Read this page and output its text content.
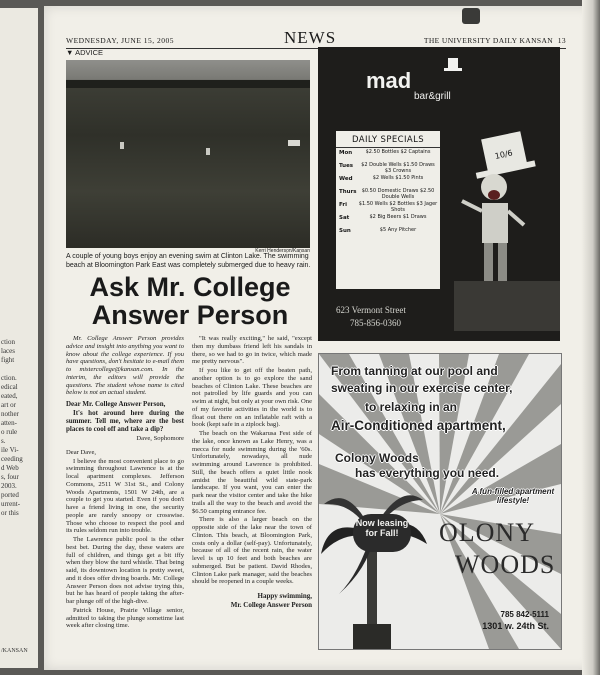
ction
laces
fight

ction.
edical
eated,
art or
nother
atten-
o rule
s.
ile Vi-
ceeding
d Web
s, four
2003.
ported
urrent-
or this
/KANSAN
WEDNESDAY, JUNE 15, 2005	NEWS	THE UNIVERSITY DAILY KANSAN 13
▼ ADVICE
Kerri Henderson/Kansan
A couple of young boys enjoy an evening swim at Clinton Lake. The swimming beach at Bloomington Park East was completely submerged due to heavy rain.
Ask Mr. College
Answer Person

Mr. College Answer Person provides advice and insight into anything you want to know about the college experience. If you have questions, don't hesitate to e-mail them to mistercollege@kansan.com. In the interim, the editors will provide the questions. The student whose name is cited below is not an actual student.

Dear Mr. College Answer Person,

It's hot around here during the summer. Tell me, where are the best places to cool off and take a dip?

Dave, Sophomore

Dear Dave,

I believe the most convenient place to go swimming throughout Lawrence is at the local apartment complexes. Jefferson Commons, 2511 W 31st St., and Colony Woods Apartments, 1501 W 24th, are a couple to get you started. Even if you don't have a friend living in one, the security people are rarely snoopy or crosswise. Those who choose to respect the pool and its rules seldom run into trouble.

The Lawrence public pool is the other best bet. During the day, these waters are full of children, and things get a bit iffy when they blow the turd whistle. That being said, its downtown location is pretty sweet, and it does offer diving boards. Mr. College Answer Person does not advise trying this, but he has heard of people taking the after-bar plunge off of the high-dive.

Patrick House, Prairie Village senior, admitted to taking the plunge sometime last week after closing time.

"It was really exciting," he said, "except then my dumbass friend left his sandals in there, so we had to go in twice, which made me pretty nervous".

If you like to get off the beaten path, another option is to go explore the sand beaches of Clinton Lake. These beaches are not patrolled by life guards and you can swim at night, but only at your own risk. One of my favorite activities in the world is to float out there on an inflatable raft with a book (kept safe in a ziplock bag).

The beach on the Wakarusa Fest side of the lake, once known as Lake Henry, was a mecca for nude swimming during the '60s. Unfortunately, nowadays, all nude swimming around Lawrence is prohibited. Still, the beach offers a quiet little nook amidst the beautiful wild state-park landscape. If you want, you can enter the park near the visitor center and take the hike trails all the way to the beach and avoid the $6.50 camping entrance fee.

There is also a larger beach on the opposite side of the lake near the town of Clinton. This beach, at Bloomington Park, costs only a dollar (self-pay). Unfortunately, because of all of the recent rain, the water level is up 10 feet and both beaches are submerged. But be patient. David Rhodes, Clinton Lake park manager, said the beaches should be reopened in a couple weeks.

Happy swimming,

Mr. College Answer Person

mad
bar&grill
DAILY SPECIALS
Mon	$2.50 Bottles $2 Captains
Tues	$2 Double Wells $1.50 Draws $3 Crowns
Wed	$2 Wells $1.50 Pints
Thurs	$0.50 Domestic Draws $2.50 Double Wells
Fri $1.50 Wells $2 Bottles $3 Jager Shots
Sat	$2 Big Beers $1 Draws
Sun	$5 Any Pitcher
10/6
623 Vermont Street
785-856-0360
From tanning at our pool and
sweating in our exercise center,
to relaxing in an
Air-Conditioned apartment,
Colony Woods
has everything you need.
A fun-filled apartment lifestyle!
Now leasing for Fall!	OLONY
WOODS
785 842-5111
1301 w. 24th St.
